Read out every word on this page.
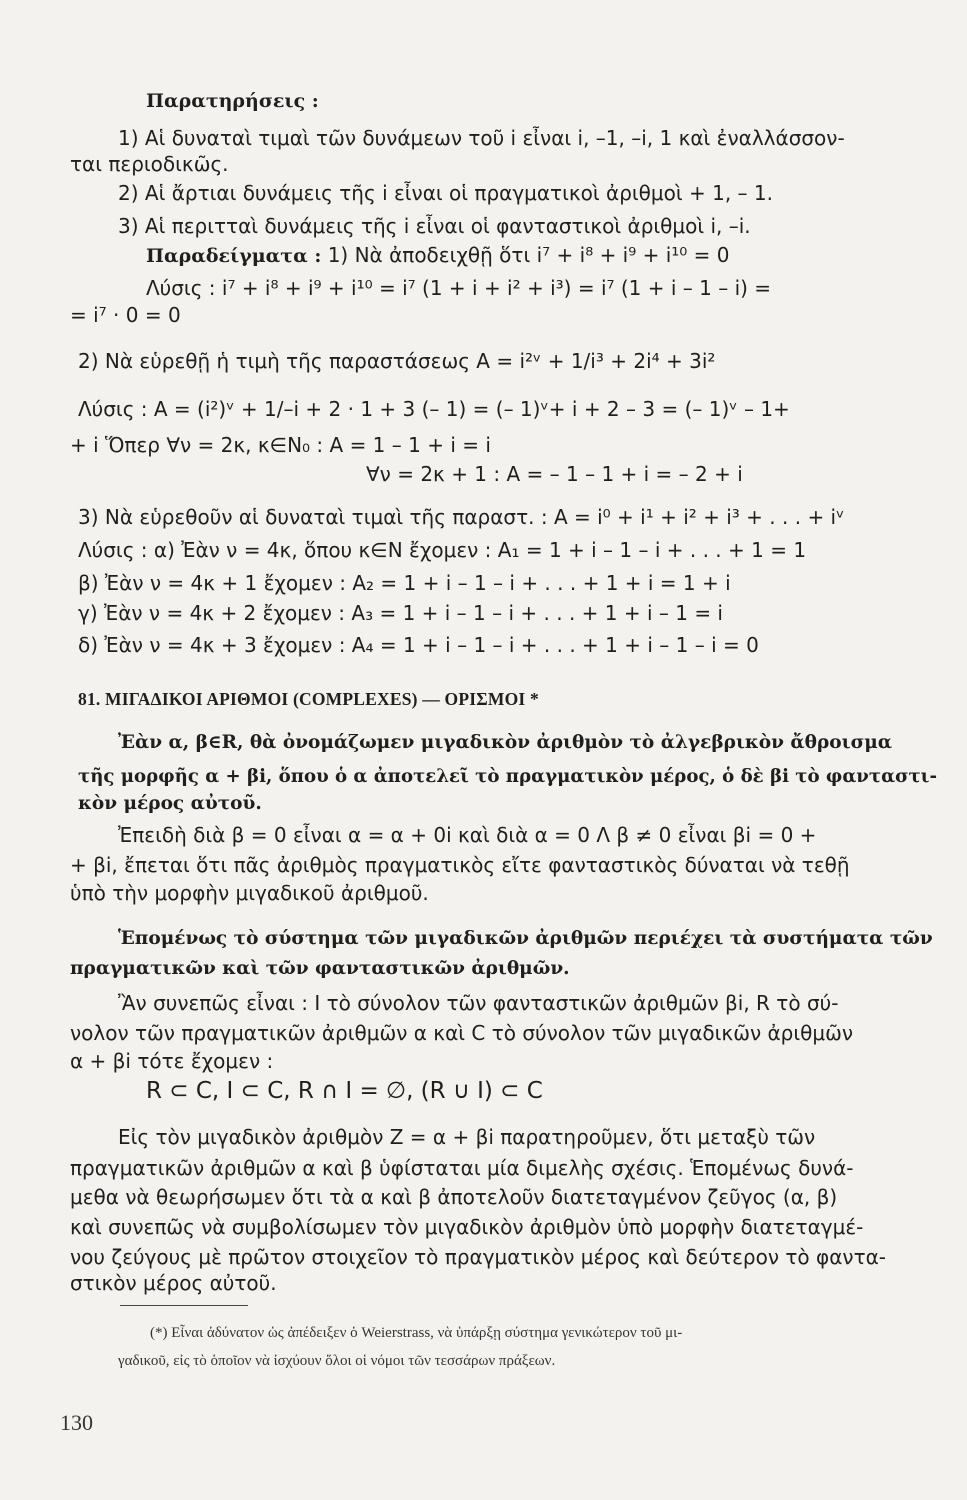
Παρατηρήσεις :
1) Αἱ δυναταὶ τιμαὶ τῶν δυνάμεων τοῦ i εἶναι i, –1, –i, 1 καὶ ἐναλλάσσον-
ται περιοδικῶς.
2) Αἱ ἄρτιαι δυνάμεις τῆς i εἶναι οἱ πραγματικοὶ ἀριθμοὶ + 1, – 1.
3) Αἱ περιτταὶ δυνάμεις τῆς i εἶναι οἱ φανταστικοὶ ἀριθμοὶ i, –i.
Παραδείγματα : 1) Νὰ ἀποδειχθῇ ὅτι i⁷ + i⁸ + i⁹ + i¹⁰ = 0
Λύσις : i⁷ + i⁸ + i⁹ + i¹⁰ = i⁷ (1 + i + i² + i³) = i⁷ (1 + i – 1 – i) =
= i⁷ · 0 = 0
2) Νὰ εὑρεθῇ ἡ τιμὴ τῆς παραστάσεως A = i²ᵛ + 1/i³ + 2i⁴ + 3i²
Λύσις : A = (i²)ᵛ + 1/–i + 2 · 1 + 3 (– 1) = (– 1)ᵛ+ i + 2 – 3 = (– 1)ᵛ – 1+
+ i Ὅπερ ∀ν = 2κ, κ∈N₀ : A = 1 – 1 + i = i
∀ν = 2κ + 1 : A = – 1 – 1 + i = – 2 + i
3) Νὰ εὑρεθοῦν αἱ δυναταὶ τιμαὶ τῆς παραστ. : A = i⁰ + i¹ + i² + i³ + . . . + iᵛ
Λύσις : α) Ἐὰν ν = 4κ, ὅπου κ∈N ἔχομεν : A₁ = 1 + i – 1 – i + . . . + 1 = 1
β) Ἐὰν ν = 4κ + 1 ἔχομεν : A₂ = 1 + i – 1 – i + . . . + 1 + i = 1 + i
γ) Ἐὰν ν = 4κ + 2 ἔχομεν : A₃ = 1 + i – 1 – i + . . . + 1 + i – 1 = i
δ) Ἐὰν ν = 4κ + 3 ἔχομεν : A₄ = 1 + i – 1 – i + . . . + 1 + i – 1 – i = 0
81. ΜΙΓΑΔΙΚΟΙ ΑΡΙΘΜΟΙ (COMPLEXES) — ΟΡΙΣΜΟΙ *
Ἐὰν α, β∈R, θὰ ὀνομάζωμεν μιγαδικὸν ἀριθμὸν τὸ ἀλγεβρικὸν ἄθροισμα
τῆς μορφῆς α + βi, ὅπου ὁ α ἀποτελεῖ τὸ πραγματικὸν μέρος, ὁ δὲ βi τὸ φανταστι-
κὸν μέρος αὐτοῦ.
Ἐπειδὴ διὰ β = 0 εἶναι α = α + 0i καὶ διὰ α = 0 Λ β ≠ 0 εἶναι βi = 0 +
+ βi, ἔπεται ὅτι πᾶς ἀριθμὸς πραγματικὸς εἴτε φανταστικὸς δύναται νὰ τεθῇ
ὑπὸ τὴν μορφὴν μιγαδικοῦ ἀριθμοῦ.
Ἑπομένως τὸ σύστημα τῶν μιγαδικῶν ἀριθμῶν περιέχει τὰ συστήματα τῶν
πραγματικῶν καὶ τῶν φανταστικῶν ἀριθμῶν.
Ἂν συνεπῶς εἶναι : I τὸ σύνολον τῶν φανταστικῶν ἀριθμῶν βi, R τὸ σύ-
νολον τῶν πραγματικῶν ἀριθμῶν α καὶ C τὸ σύνολον τῶν μιγαδικῶν ἀριθμῶν
α + βi τότε ἔχομεν :
R ⊂ C, I ⊂ C, R ∩ I = ∅, (R ∪ I) ⊂ C
Εἰς τὸν μιγαδικὸν ἀριθμὸν Z = α + βi παρατηροῦμεν, ὅτι μεταξὺ τῶν
πραγματικῶν ἀριθμῶν α καὶ β ὑφίσταται μία διμελὴς σχέσις. Ἑπομένως δυνά-
μεθα νὰ θεωρήσωμεν ὅτι τὰ α καὶ β ἀποτελοῦν διατεταγμένον ζεῦγος (α, β)
καὶ συνεπῶς νὰ συμβολίσωμεν τὸν μιγαδικὸν ἀριθμὸν ὑπὸ μορφὴν διατεταγμέ-
νου ζεύγους μὲ πρῶτον στοιχεῖον τὸ πραγματικὸν μέρος καὶ δεύτερον τὸ φαντα-
στικὸν μέρος αὐτοῦ.
(*) Εἶναι ἀδύνατον ὡς ἀπέδειξεν ὁ Weierstrass, νὰ ὑπάρξῃ σύστημα γενικώτερον τοῦ μι-
γαδικοῦ, εἰς τὸ ὁποῖον νὰ ἰσχύουν ὅλοι οἱ νόμοι τῶν τεσσάρων πράξεων.
130
